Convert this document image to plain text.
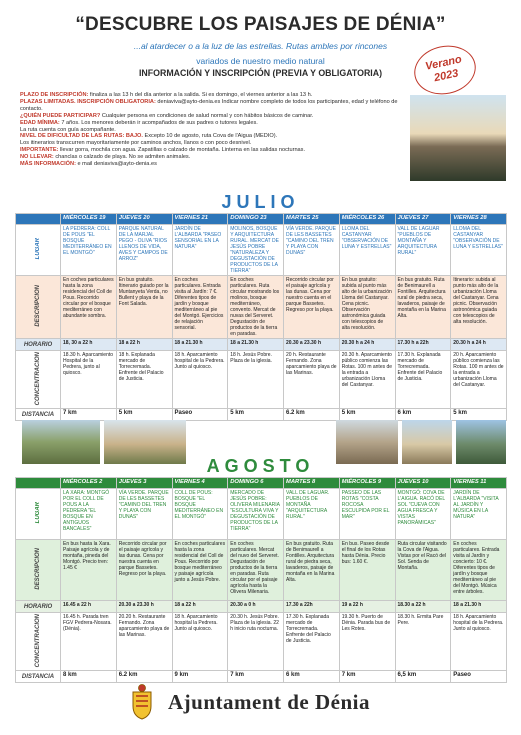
“DESCUBRE LOS PAISAJES DE DÉNIA”
...al atardecer o a la luz de las estrellas. Rutas ambles por rincones
variados de nuestro medio natural
INFORMACIÓN Y INSCRIPCIÓN (PREVIA Y OBLIGATORIA)
Verano 2023

PLAZO DE INSCRIPCIÓN: finaliza a las 13 h del día anterior a la salida. Si es domingo, el viernes anterior a las 13 h.

PLAZAS LIMITADAS. INSCRIPCIÓN OBLIGATORIA: deniaviva@ayto-denia.es Indicar nombre completo de todos los participantes, edad y teléfono de contacto.

¿QUIÉN PUEDE PARTICIPAR? Cualquier persona en condiciones de salud normal y con hábitos básicos de caminar.

EDAD MÍNIMA: 7 años. Los menores deberán ir acompañados de sus padres o tutores legales.

La ruta cuenta con guía acompañante.

NIVEL DE DIFICULTAD DE LAS RUTAS: BAJO. Excepto 10 de agosto, ruta Cova de l'Aigua (MEDIO).

Los itinerarios transcurren mayoritariamente por caminos anchos, llanos o con poco desnivel.

IMPORTANTE: llevar gorra, mochila con agua. Zapatillas o calzado de montaña. Linterna en las salidas nocturnas.

NO LLEVAR: chanclas o calzado de playa. No se admiten animales.

MÁS INFORMACIÓN: e mail deniaviva@ayto-denia.es

JULIO
	MIÉRCOLES 19	JUEVES 20	VIERNES 21	DOMINGO 23	MARTES 25	MIÉRCOLES 26	JUEVES 27	VIERNES 28
LUGAR	LA PEDRERA: COLL DE POUS "EL BOSQUE MEDITERRÁNEO EN EL MONTGÓ"	PARQUE NATURAL DE LA MARJAL PEGO - OLIVA "RIOS LLENOS DE VIDA, AVES Y CAMPOS DE ARROZ"	JARDÍN DE L'ALBARDA "PASEO SENSORIAL EN LA NATURA"	MOLINOS, BOSQUE Y ARQUITECTURA RURAL. MERCAT DE JESÚS POBRE "NATURALEZA Y DEGUSTACIÓN DE PRODUCTOS DE LA TIERRA"	VÍA VERDE. PARQUE DE LES BASSETES "CAMINO DEL TREN Y PLAYA CON DUNAS"	LLOMA DEL CASTANYAR "OBSERVACIÓN DE LUNA Y ESTRELLAS"	VALL DE LAGUAR "PUEBLOS DE MONTAÑA Y ARQUITECTURA RURAL"	LLOMA DEL CASTANYAR "OBSERVACIÓN DE LUNA Y ESTRELLAS"
DESCRIPCIÓN	En coches particulares hasta la zona residencial del Coll de Pous. Recorrido circular por el bosque mediterráneo con abundante sombra.	En bus gratuito. Itinerario guiado por la Muntanyeta Verda, no Bullent y playa de la Font Salada.	En coches particulares. Entrada visita al Jardín: 7 €. Diferentes tipos de jardín y bosque mediterráneo al pie del Montgó. Ejercicios de relajación sensorial.	En coches particulares. Ruta circular mostrando los molinos, bosque mediterráneo, convento. Mercat de nuvas del Serveret. Degustación de productos de la tierra en paradas.	Recorrido circular por el paisaje agrícola y las dunas. Cena por nuestro cuenta en el parque Bassetes. Regreso por la playa.	En bus gratuito: subida al punto más alto de la urbanización Lloma del Castanyar. Cena picnic. Observación astronómica guiada con telescopios de alta resolución.	En bus gratuito. Ruta de Benimaurell a Fontilles. Arquitectura rural de piedra seca, lavaderos, paisaje de montaña en la Marina Alta.	Itinerario: subida al punto más alto de la urbanización Lloma del Castanyar. Cena picnic. Observación astronómica guiada con telescopios de alta resolución.
HORARIO	18, 30 a 22 h	18 a 22 h	18 a 21.30 h	18 a 21.30 h	20.30 a 23.30 h	20.30 h a 24 h	17.30 h a 22h	20.30 h a 24 h
CONCENTRACIÓN	18.30 h. Aparcamiento Hospital de la Pedrera, junto al quiosco.	18 h. Explanada mercado de Torrecremada. Enfrente del Palacio de Justicia.	18 h. Aparcamiento hospital de la Pedrera. Junto al quiosco.	18 h. Jesús Pobre. Plaza de la iglesia.	20 h. Restaurante Fernando. Zona aparcamiento playa de las Marinas.	20.30 h. Aparcamiento público comienza las Rotas. 100 m antes de la entrada a urbanización Lloma del Castanyar.	17.30 h. Explanada mercado de Torrecremada. Enfrente del Palacio de Justicia.	20 h. Aparcamiento público comienza las Rotas. 100 m antes de la entrada a urbanización Lloma del Castanyar.
DISTANCIA	7 km	5 km	Paseo	5 km	6.2 km	5 km	6 km	5 km
AGOSTO
	MIÉRCOLES 2	JUEVES 3	VIERNES 4	DOMINGO 6	MARTES 8	MIÉRCOLES 9	JUEVES 10	VIERNES 11
LUGAR	LA XARA: MONTGÓ POR EL COLL DE POUS A LA PEDRERA "EL BOSQUE EN ANTIGUOS BANCALES"	VÍA VERDE. PARQUE DE LES BASSETES "CAMINO DEL TREN Y PLAYA CON DUNAS"	COLL DE POUS: BOSQUE "EL BOSQUE MEDITERRÁNEO EN EL MONTGÓ"	MERCADO DE JESÚS POBRE: OLIVERA MILENARIA "ESCULTURA VIVA Y DEGUSTACIÓN DE PRODUCTOS DE LA TIERRA"	VALL DE LAGUAR. PUEBLOS DE MONTAÑA "ARQUITECTURA RURAL"	PASSEO DE LAS ROTAS "COSTA ROCOSA ESCULPIDA POR EL MAR"	MONTGÓ: COVA DE L'AIGUA. RACÓ DEL SOL "CUEVA CON AGUA FRESCA Y VISTAS PANORÁMICAS"	JARDÍN DE L'ALBARDA "VISITA AL JARDÍN Y MÚSICA EN LA NATURA"
DESCRIPCIÓN	En bus hasta la Xara. Paisaje agrícola y de montaña, pineda del Montgó. Precio tren: 1.45 €	Recorrido circular por el paisaje agrícola y las dunas. Cena por nuestra cuenta en parque Bassetes. Regreso por la playa.	En coches particulares hasta la zona residencial del Coll de Pous. Recorrido por bosque mediterráneo y paisaje agrícola junto a Jesús Pobre.	En coches particulares. Mercat del nuvo del Serveret. Degustación de productos de la tierra en paradas. Ruta circular por el paisaje agrícola hasta la Olivera Milenaria.	En bus gratuito. Ruta de Benimaurell a Fontilles. Arquitectura rural de piedra seca, lavaderos, paisaje de montaña en la Marina Alta.	En bus. Paseo desde el final de los Rotas hasta Dénia. Precio bus: 1.60 €.	Ruta circular visitando la Cova de l'Aigua. Vistas por el Racó del Sol. Senda de Montaña.	En coches particulares. Entrada visita al Jardín y concierto: 10 €. Diferentes tipos de jardín y bosque mediterráneo al pie del Montgó. Música entre árboles.
HORARIO	16.45 a 22 h	20.30 a 23.30 h	18 a 22 h	20.30 a 0 h	17.30 a 22h	19 a 22 h	18.30 a 22 h	18 a 21.30 h
CONCENTRACIÓN	16.45 h. Parada tren FGV Pedrera-Nosara. (Dénia).	20.20 h. Restaurante Fernando. Zona aparcamiento playa de las Marinas.	18 h. Aparcamiento hospital la Pedrera. Junto al quiosco.	20.30 h. Jesús Pobre. Plaza de la iglesia. 22 h inicio ruta nocturna.	17.30 h. Explanada mercado de Torrecremada. Enfrente del Palacio de Justicia.	19.30 h. Puerto de Dénia. Parada bus de Les Rotes.	18.30 h. Ermita Pare Pere.	18 h. Aparcamiento hospital de la Pedrera. Junto al quiosco.
DISTANCIA	8 km	6.2 km	9 km	7 km	6 km	7 km	6,5 km	Paseo
Ajuntament de Dénia
